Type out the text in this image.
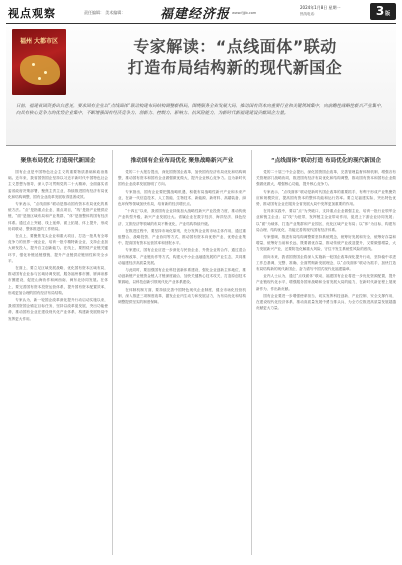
视点观察	责任编辑： 美术编辑：	福建经济报 www.fjjjb.com
2024年1月8日 星期一
热线电话：	3版
福州 大都市区	专家解读：“点线面体”联动
打造布局结构新的现代新国企
日前，福建省国资委出台意见，要求国有企业以“点线面体”联动构建布局结构调整新格局。围绕服务全省发展大局，推动国有资本向重要行业和关键领域集中，向前瞻性战略性新兴产业集中，向具有核心竞争力的优势企业集中，不断增强国有经济竞争力、创新力、控制力、影响力、抗风险能力，为新时代新福建建设贡献国企力量。
聚焦布局优化 打造现代新国企

国有企业是中国特色社会主义的重要物质基础和政治基础。近年来，我省国资国企坚持以习近平新时代中国特色社会主义思想为指导，深入学习贯彻党的二十大精神，全面落实省委省政府决策部署，聚焦主责主业，持续推进国有经济布局优化和结构调整，国有企业改革发展取得显著成效。

专家表示，“点线面体”联动是推动国有资本布局优化的系统方法。“点”是指重点企业、重点项目，“线”是指产业链供应链，“面”是指区域布局和产业集群，“体”是指整体的国有经济体系。通过点上突破、线上延伸、面上拓展、体上提升，形成协同联动、整体推进的工作格局。

在点上，要聚焦龙头企业和重大项目，打造一批具有全球竞争力的世界一流企业，培育一批专精特新企业，支持企业加大研发投入，提升自主创新能力。在线上，要围绕产业链关键环节，强化补链延链强链，提升产业链供应链韧性和安全水平。

在面上，要立足区域发展战略，优化国有资本区域布局，推动国有企业参与区域协调发展，服务福州都市圈、厦漳泉都市圈建设，促进山海协作和闽西南、闽东北协同发展。在体上，要完善国有资本投资运营体系，提升国有资本配置效率，形成更加合理的国有经济布局结构。

专家认为，新一轮国企改革深化提升行动启动实施以来，我省国资国企锚定目标任务，坚持以改革促发展，突出功能使命，推动国有企业在建设现代化产业体系、构建新发展格局中发挥更大作用。

推动国有企业布局优化 聚焦战略新兴产业

党的二十大报告提出，深化国资国企改革，加快国有经济布局优化和结构调整，推动国有资本和国有企业做强做优做大，提升企业核心竞争力。这为新时代国有企业改革发展指明了方向。

专家指出，国有企业要把握战略机遇，积极布局战略性新兴产业和未来产业，在新一代信息技术、人工智能、生物技术、新能源、新材料、高端装备、绿色环保等领域加快布局，培育新的经济增长点。

“十四五”以来，我省国有企业持续加大战略性新兴产业投资力度，推动传统产业转型升级，新兴产业发展壮大。省属企业在数字经济、海洋经济、绿色经济、文旅经济等领域的布局不断优化，产业结构持续升级。

在推进过程中，要坚持市场化原则，充分发挥企业的市场主体作用，通过重组整合、战略投资、产业协同等方式，推动国有资本向优势产业、优势企业集中，提高国有资本运营效率和回报水平。

专家建议，国有企业应进一步深化与民营企业、外资企业的合作，通过混合所有制改革、产业链协作等方式，构建大中小企业融通发展的产业生态，共同推动福建经济高质量发展。

与此同时，要加强国有企业科技创新体系建设，强化企业创新主体地位，推动创新链产业链资金链人才链深度融合，加快关键核心技术攻关，打造原创技术策源地，以科技创新引领现代化产业体系建设。

在体制机制方面，要持续完善中国特色现代企业制度，健全市场化经营机制，深入推进三项制度改革，激发企业内生动力和发展活力，为布局优化和结构调整提供坚实的制度保障。

“点线面体”联动打造 布局优化的现代新国企

党的二十届三中全会提出，深化国资国企改革，完善管理监督体制机制，增强各有关管理部门战略协同，推进国有经济布局优化和结构调整，推动国有资本和国有企业做强做优做大，增强核心功能，提升核心竞争力。

专家表示，“点线面体”联动是新时代国企改革的重要抓手，有利于形成产业集聚效应和规模效应，提高国有资本的整体功能和运行效率。要立足福建实际，突出特色优势，推动国有企业在服务全省发展大局中发挥更加重要的作用。

在具体实践中，要以“点”为突破口，支持重点企业做强主业，培育一批行业领军企业和链主企业；以“线”为纽带，发挥链主企业带动作用，促进上下游企业协同发展；以“面”为载体，打造产业集群和产业园区，优化区域产业布局；以“体”为目标，构建布局合理、结构优化、功能完善的现代国有经济体系。

专家强调，推进布局结构调整要坚持系统观念，统筹好发展和安全，统筹好存量和增量，统筹好当前和长远，既要做优存量，推动传统产业改造提升，又要做强增量，大力发展新兴产业，还要防范化解重大风险，守住不发生系统性风险的底线。

面向未来，我省国资国企将深入实施新一轮国企改革深化提升行动，坚持稳中求进工作总基调，完整、准确、全面贯彻新发展理念，以“点线面体”联动为抓手，加快打造布局结构新的现代新国企，奋力谱写中国式现代化福建篇章。

业内人士认为，通过“点线面体”联动，福建国有企业将进一步优化资源配置，提升产业链现代化水平，增强服务国家战略和全省发展大局的能力，在新时代新征程上展现新作为、作出新贡献。

国有企业要进一步增强使命担当，切实发挥科技创新、产业控制、安全支撑作用，在建设现代化经济体系、推动高质量发展中勇当排头兵，为全方位推进高质量发展超越贡献更大力量。
